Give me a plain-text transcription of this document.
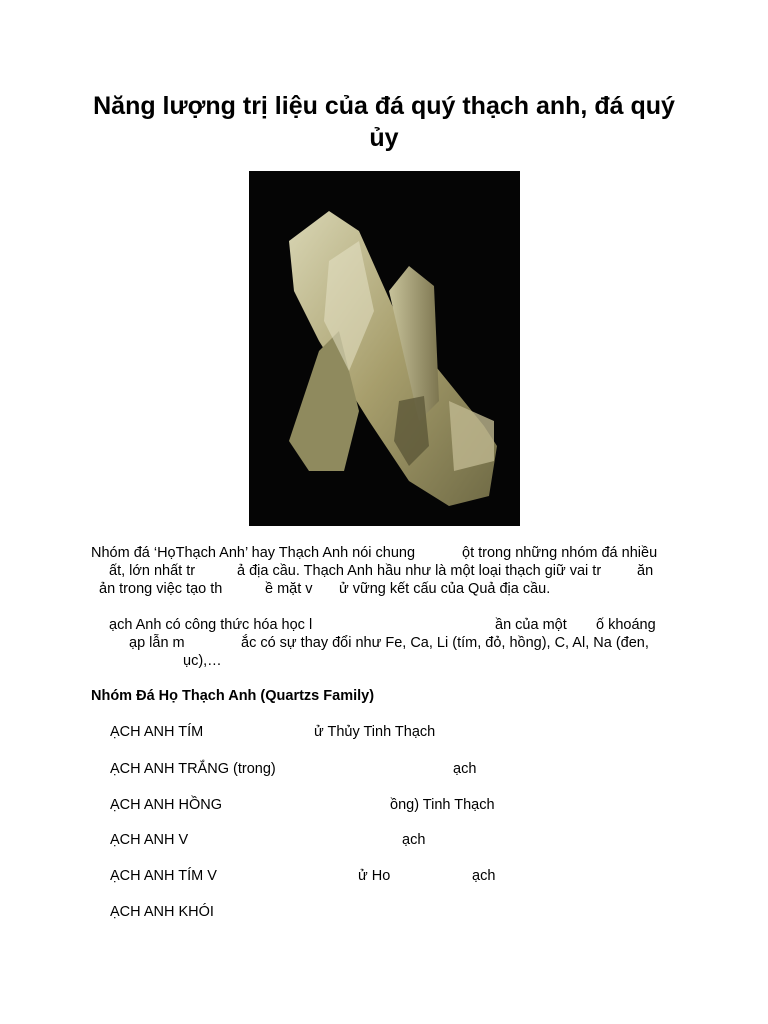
Năng lượng trị liệu của đá quý thạch anh, đá quý
ủy
Nhóm đá ‘HọThạch Anh’ hay Thạch Anh nói chung	ột trong những nhóm đá nhiều
ất, lớn nhất tr	ả địa cầu. Thạch Anh hầu như là một loại thạch giữ vai tr ăn
ản trong việc tạo th	ề mặt v ử vững kết cấu của Quả địa cầu.
ạch Anh có công thức hóa học l	ần của một ố khoáng
ạp lẫn m	ắc có sự thay đổi như Fe, Ca, Li (tím, đỏ, hồng), C, Al, Na (đen,
ục),…
Nhóm Đá Họ Thạch Anh (Quartzs Family)
ẠCH ANH TÍM	ử Thủy Tinh Thạch
ẠCH ANH TRẮNG (trong)	ạch
ẠCH ANH HỒNG	ồng) Tinh Thạch
ẠCH ANH V	ạch
ẠCH ANH TÍM V	ử Ho	ạch
ẠCH ANH KHÓI
